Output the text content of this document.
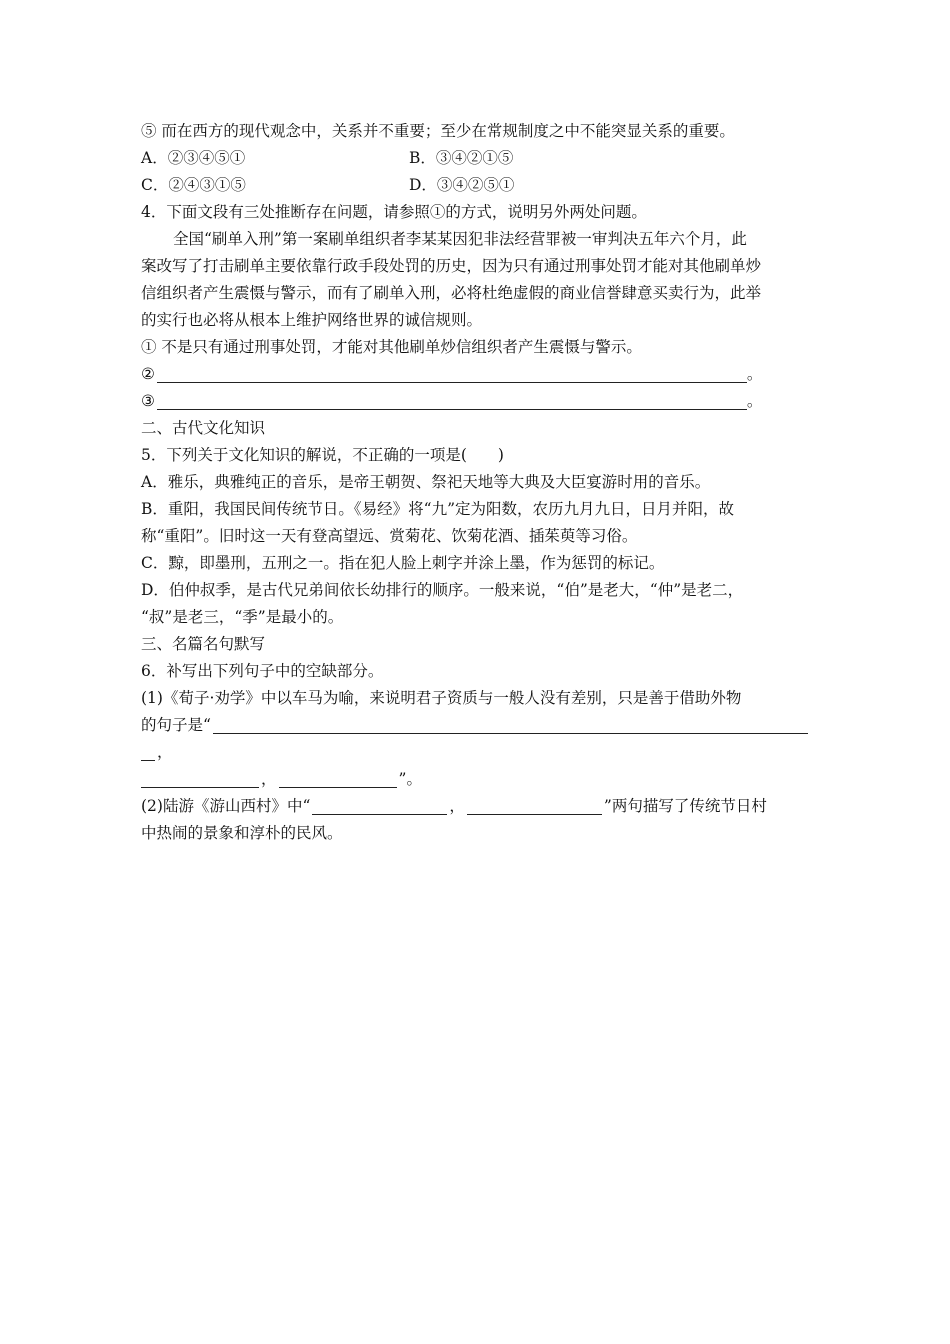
⑤ 而在西方的现代观念中，关系并不重要；至少在常规制度之中不能突显关系的重要。
A．②③④⑤①	B．③④②①⑤
C．②④③①⑤	D．③④②⑤①
4．下面文段有三处推断存在问题，请参照①的方式，说明另外两处问题。
全国“刷单入刑”第一案刷单组织者李某某因犯非法经营罪被一审判决五年六个月，此
案改写了打击刷单主要依靠行政手段处罚的历史，因为只有通过刑事处罚才能对其他刷单炒
信组织者产生震慑与警示，而有了刷单入刑，必将杜绝虚假的商业信誉肆意买卖行为，此举
的实行也必将从根本上维护网络世界的诚信规则。
① 不是只有通过刑事处罚，才能对其他刷单炒信组织者产生震慑与警示。
②	。
③	。
二、古代文化知识
5．下列关于文化知识的解说，不正确的一项是(　　)
A．雅乐，典雅纯正的音乐，是帝王朝贺、祭祀天地等大典及大臣宴游时用的音乐。
B．重阳，我国民间传统节日。《易经》将“九”定为阳数，农历九月九日，日月并阳，故
称“重阳”。旧时这一天有登高望远、赏菊花、饮菊花酒、插茱萸等习俗。
C．黥，即墨刑，五刑之一。指在犯人脸上刺字并涂上墨，作为惩罚的标记。
D．伯仲叔季，是古代兄弟间依长幼排行的顺序。一般来说，“伯”是老大，“仲”是老二，
“叔”是老三，“季”是最小的。
三、名篇名句默写
6．补写出下列句子中的空缺部分。
(1)《荀子·劝学》中以车马为喻，来说明君子资质与一般人没有差别，只是善于借助外物
的句子是“
，
，	”。
(2)陆游《游山西村》中“	，	”两句描写了传统节日村
中热闹的景象和淳朴的民风。
